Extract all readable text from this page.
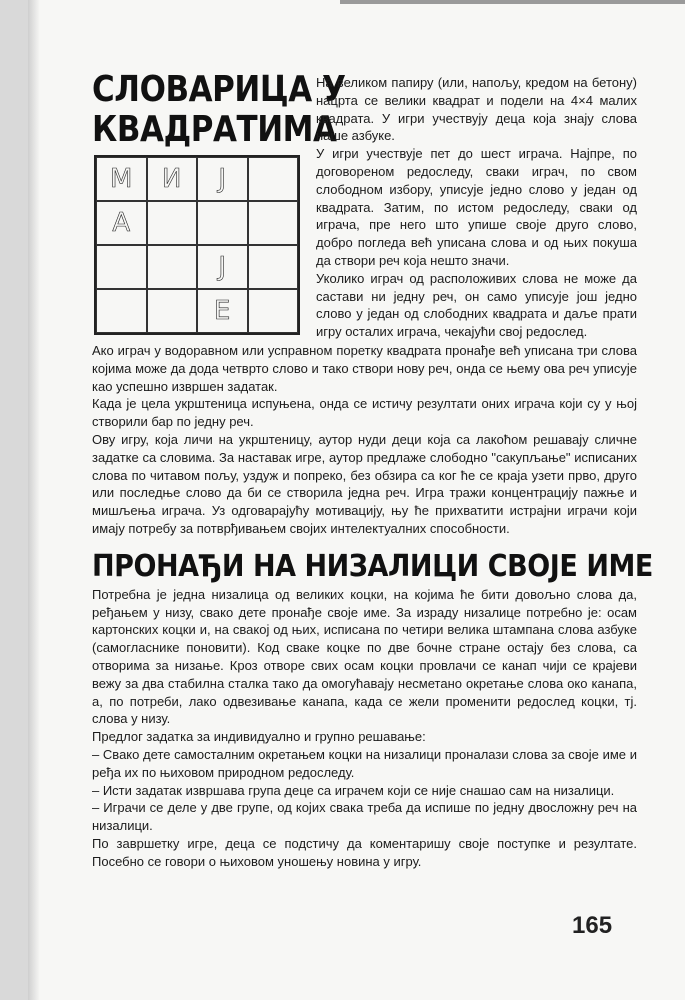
СЛОВАРИЦА У
КВАДРАТИМА
М	И	Ј
А
Ј
Е

На великом папиру (или, напољу, кредом на бетону) нацрта се велики квадрат и подели на 4×4 малих квадрата. У игри учествују деца која знају слова наше азбуке.

У игри учествује пет до шест играча. Најпре, по договореном редоследу, сваки играч, по свом слободном избору, уписује једно слово у један од квадрата. Затим, по истом редоследу, сваки од играча, пре него што упише своје друго слово, добро погледа већ уписана слова и од њих покуша да створи реч која нешто значи.

Уколико играч од расположивих слова не може да састави ни једну реч, он само уписује још једно слово у један од слободних квадрата и даље прати игру осталих играча, чекајући свој редослед.

Ако играч у водоравном или усправном поретку квадрата пронађе већ уписана три слова којима може да дода четврто слово и тако створи нову реч, онда се њему ова реч уписује као успешно извршен задатак.

Када је цела укрштеница испуњена, онда се истичу резултати оних играча који су у њој створили бар по једну реч.

Ову игру, која личи на укрштеницу, аутор нуди деци која са лакоћом решавају сличне задатке са словима. За наставак игре, аутор предлаже слободно "сакупљање" исписаних слова по читавом пољу, уздуж и попреко, без обзира са ког ће се краја узети прво, друго или последње слово да би се створила једна реч. Игра тражи концентрацију пажње и мишљења играча. Уз одговарајућу мотивацију, њу ће прихватити истрајни играчи који имају потребу за потврђивањем својих интелектуалних способности.

ПРОНАЂИ НА НИЗАЛИЦИ СВОЈЕ ИМЕ

Потребна је једна низалица од великих коцки, на којима ће бити довољно слова да, ређањем у низу, свако дете пронађе своје име. За израду низалице потребно је: осам картонских коцки и, на свакој од њих, исписана по четири велика штампана слова азбуке (самогласнике поновити). Код сваке коцке по две бочне стране остају без слова, са отворима за низање. Кроз отворе свих осам коцки провлачи се канап чији се крајеви вежу за два стабилна сталка тако да омогућавају несметано окретање слова око канапа, а, по потреби, лако одвезивање канапа, када се жели променити редослед коцки, тј. слова у низу.

Предлог задатка за индивидуално и групно решавање:

– Свако дете самосталним окретањем коцки на низалици проналази слова за своје име и ређа их по њиховом природном редоследу.

– Исти задатак извршава група деце са играчем који се није снашао сам на низалици.

– Играчи се деле у две групе, од којих свака треба да испише по једну двосложну реч на низалици.

По завршетку игре, деца се подстичу да коментаришу своје поступке и резултате. Посебно се говори о њиховом уношењу новина у игру.

165
